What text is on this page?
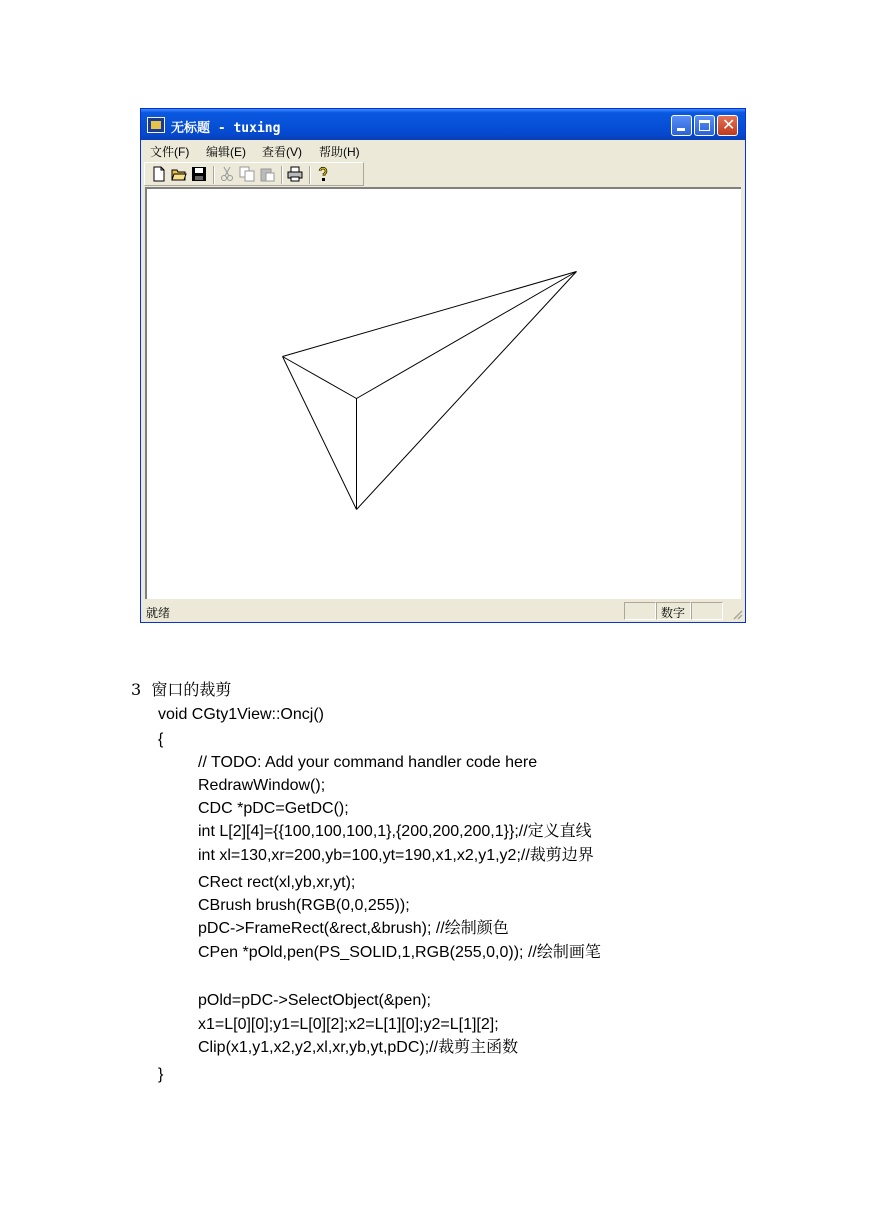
无标题 - tuxing	✕
文件(F) 编辑(E) 查看(V) 帮助(H)
就绪	数字
3  窗口的裁剪
void CGty1View::Oncj()
{
// TODO: Add your command handler code here
RedrawWindow();
CDC *pDC=GetDC();
int L[2][4]={{100,100,100,1},{200,200,200,1}};//定义直线
int xl=130,xr=200,yb=100,yt=190,x1,x2,y1,y2;//裁剪边界
CRect rect(xl,yb,xr,yt);
CBrush brush(RGB(0,0,255));
pDC->FrameRect(&rect,&brush); //绘制颜色
CPen *pOld,pen(PS_SOLID,1,RGB(255,0,0)); //绘制画笔
pOld=pDC->SelectObject(&pen);
x1=L[0][0];y1=L[0][2];x2=L[1][0];y2=L[1][2];
Clip(x1,y1,x2,y2,xl,xr,yb,yt,pDC);//裁剪主函数
}
